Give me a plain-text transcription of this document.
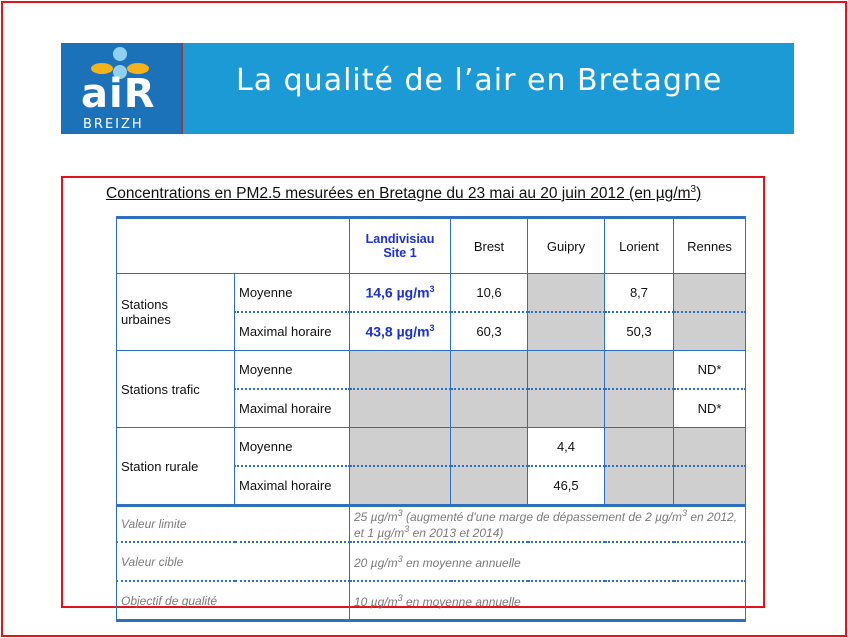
aiR
BREIZH
La qualité de l’air en Bretagne
Concentrations en PM2.5 mesurées en Bretagne du 23 mai au 20 juin 2012 (en $\mu g/m^3$)
		Landivisiau
Site 1	Brest	Guipry	Lorient	Rennes
Stations
urbaines	Moyenne	14,6 $\mu g/m^3$	10,6		8,7	
	Maximal horaire	43,8 $\mu g/m^3$	60,3		50,3	
Stations trafic	Moyenne					ND*
	Maximal horaire					ND*
Station rurale	Moyenne			4,4		
	Maximal horaire			46,5		
Valeur limite		25 $\mu g/m^3$ (augmenté d'une marge de dépassement de 2 $\mu g/m^3$ en 2012, et 1 $\mu g/m^3$ en 2013 et 2014)				
Valeur cible		20 $\mu g/m^3$ en moyenne annuelle				
Objectif de qualité		10 $\mu g/m^3$ en moyenne annuelle				
